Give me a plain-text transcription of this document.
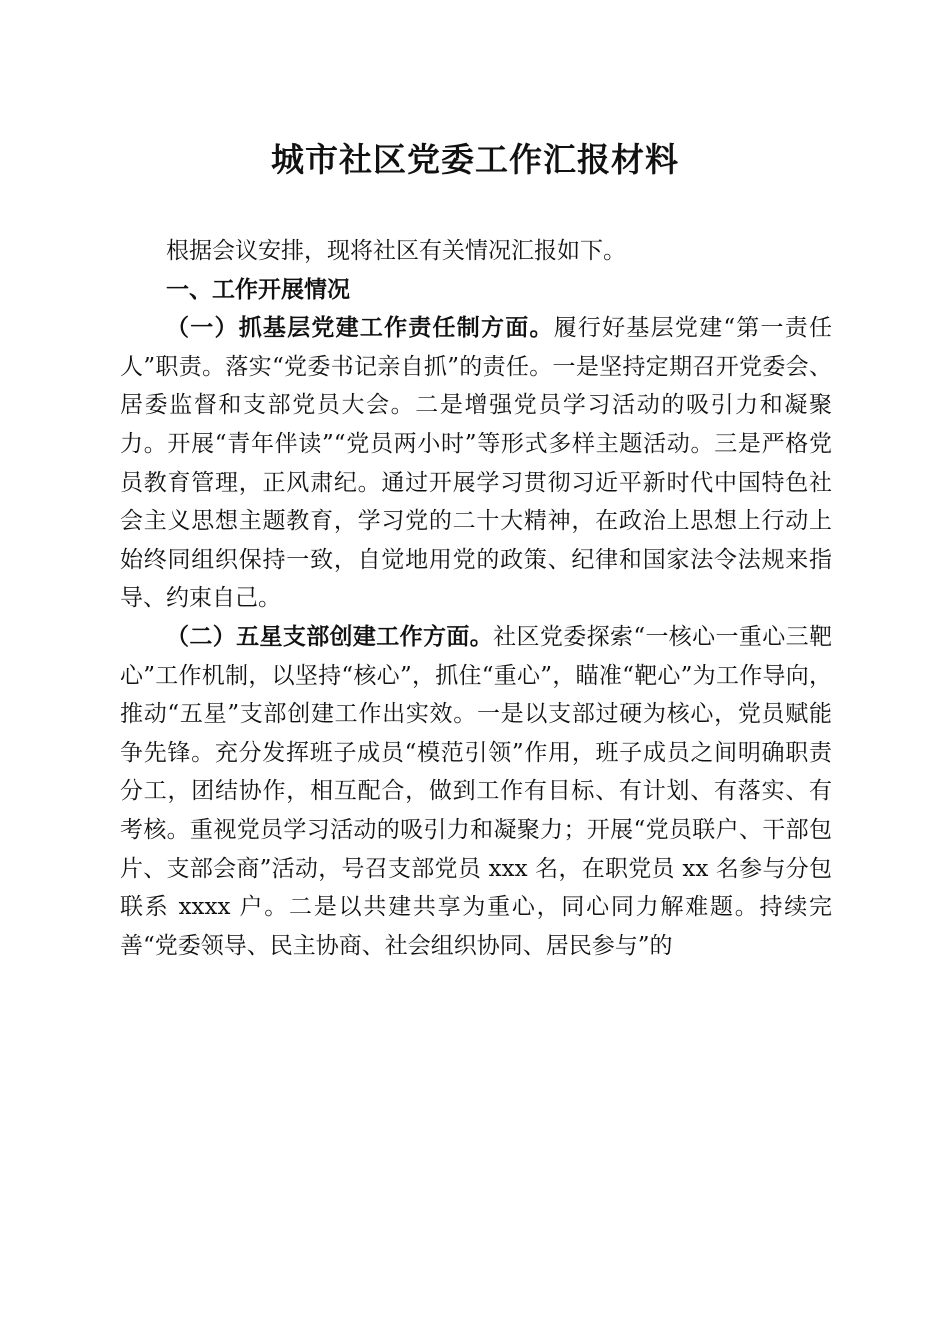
城市社区党委工作汇报材料

根据会议安排，现将社区有关情况汇报如下。

一、工作开展情况

（一）抓基层党建工作责任制方面。履行好基层党建“第一责任人”职责。落实“党委书记亲自抓”的责任。一是坚持定期召开党委会、居委监督和支部党员大会。二是增强党员学习活动的吸引力和凝聚力。开展“青年伴读”“党员两小时”等形式多样主题活动。三是严格党员教育管理，正风肃纪。通过开展学习贯彻习近平新时代中国特色社会主义思想主题教育，学习党的二十大精神，在政治上思想上行动上始终同组织保持一致，自觉地用党的政策、纪律和国家法令法规来指导、约束自己。

（二）五星支部创建工作方面。社区党委探索“一核心一重心三靶心”工作机制，以坚持“核心”，抓住“重心”，瞄准“靶心”为工作导向，推动“五星”支部创建工作出实效。一是以支部过硬为核心，党员赋能争先锋。充分发挥班子成员“模范引领”作用，班子成员之间明确职责分工，团结协作，相互配合，做到工作有目标、有计划、有落实、有考核。重视党员学习活动的吸引力和凝聚力；开展“党员联户、干部包片、支部会商”活动，号召支部党员 xxx 名，在职党员 xx 名参与分包联系 xxxx 户。二是以共建共享为重心，同心同力解难题。持续完善“党委领导、民主协商、社会组织协同、居民参与”的
